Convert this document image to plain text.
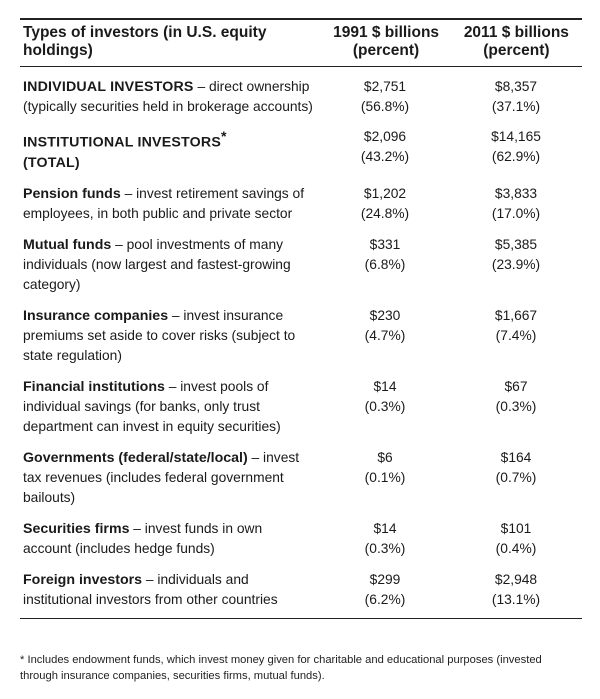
Types of investors (in U.S. equity holdings)
1991 $ billions
(percent)
2011 $ billions
(percent)
INDIVIDUAL INVESTORS – direct ownership (typically securities held in brokerage accounts)
$2,751
(56.8%)
$8,357
(37.1%)
INSTITUTIONAL INVESTORS*
(TOTAL)
$2,096
(43.2%)
$14,165
(62.9%)
Pension funds – invest retirement savings of employees, in both public and private sector
$1,202
(24.8%)
$3,833
(17.0%)
Mutual funds – pool investments of many individuals (now largest and fastest-growing category)
$331
(6.8%)
$5,385
(23.9%)
Insurance companies – invest insurance premiums set aside to cover risks (subject to state regulation)
$230
(4.7%)
$1,667
(7.4%)
Financial institutions – invest pools of individual savings (for banks, only trust department can invest in equity securities)
$14
(0.3%)
$67
(0.3%)
Governments (federal/state/local) – invest tax revenues (includes federal government bailouts)
$6
(0.1%)
$164
(0.7%)
Securities firms – invest funds in own account (includes hedge funds)
$14
(0.3%)
$101
(0.4%)
Foreign investors – individuals and institutional investors from other countries
$299
(6.2%)
$2,948
(13.1%)
* Includes endowment funds, which invest money given for charitable and educational purposes (invested through insurance companies, securities firms, mutual funds).
